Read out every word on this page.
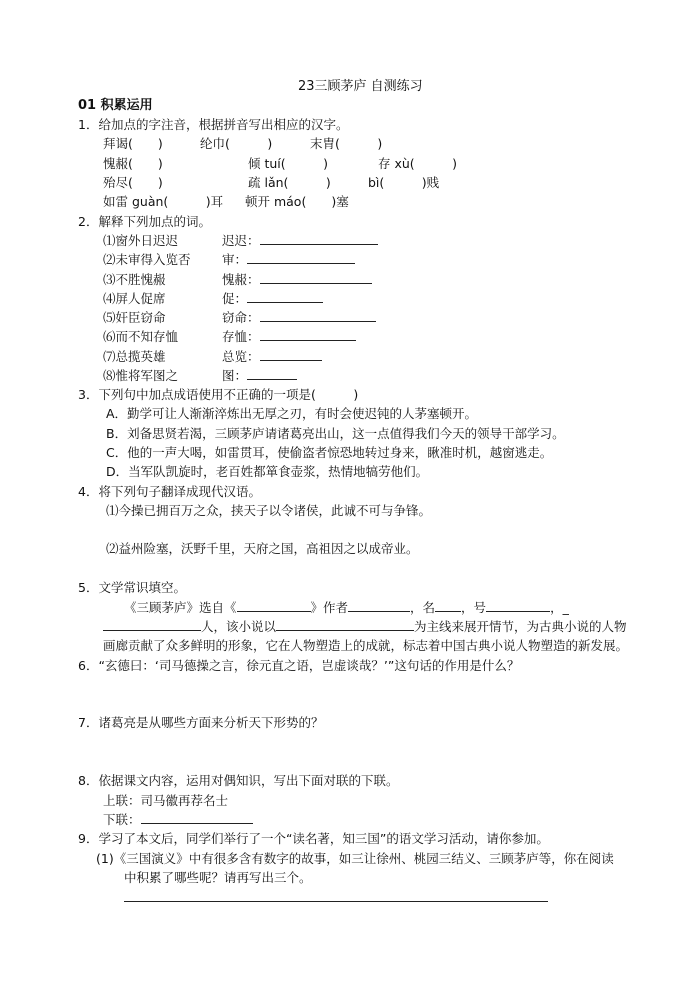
23三顾茅庐 自测练习
01 积累运用
1．给加点的字注音，根据拼音写出相应的汉字。
拜谒(　　)	纶巾(　　　)	末胄(　　　)
愧赧(　　)	倾 tuí(　　　)	存 xù(　　　)
殆尽(　　)	疏 lǎn(　　　)	bì(　　　)贱
如雷 guàn(　　　)耳 顿开 máo(　　)塞
2．解释下列加点的词。
⑴窗外日迟迟	迟迟：
⑵未审得入览否	审：
⑶不胜愧赧	愧赧：
⑷屏人促席	促：
⑸奸臣窃命	窃命：
⑹而不知存恤	存恤：
⑺总揽英雄	总览：
⑻惟将军图之	图：
3．下列句中加点成语使用不正确的一项是(　　　)
A．勤学可让人渐渐淬炼出无厚之刃，有时会使迟钝的人茅塞顿开。
B．刘备思贤若渴，三顾茅庐请诸葛亮出山，这一点值得我们今天的领导干部学习。
C．他的一声大喝，如雷贯耳，使偷盗者惊恐地转过身来，瞅准时机，越窗逃走。
D．当军队凯旋时，老百姓都箪食壶浆，热情地犒劳他们。
4．将下列句子翻译成现代汉语。
⑴今操已拥百万之众，挟天子以令诸侯，此诚不可与争锋。
⑵益州险塞，沃野千里，天府之国，高祖因之以成帝业。
5．文学常识填空。
《三顾茅庐》选自《	》作者	，名 ，号	，_
人，该小说以	为主线来展开情节，为古典小说的人物
画廊贡献了众多鲜明的形象，它在人物塑造上的成就，标志着中国古典小说人物塑造的新发展。
6．“玄德曰：‘司马德操之言，徐元直之语，岂虚谈哉？’”这句话的作用是什么？
7．诸葛亮是从哪些方面来分析天下形势的？
8．依据课文内容，运用对偶知识，写出下面对联的下联。
上联：司马徽再荐名士
下联：
9．学习了本文后，同学们举行了一个“读名著，知三国”的语文学习活动，请你参加。
(1)《三国演义》中有很多含有数字的故事，如三让徐州、桃园三结义、三顾茅庐等，你在阅读
中积累了哪些呢？请再写出三个。
